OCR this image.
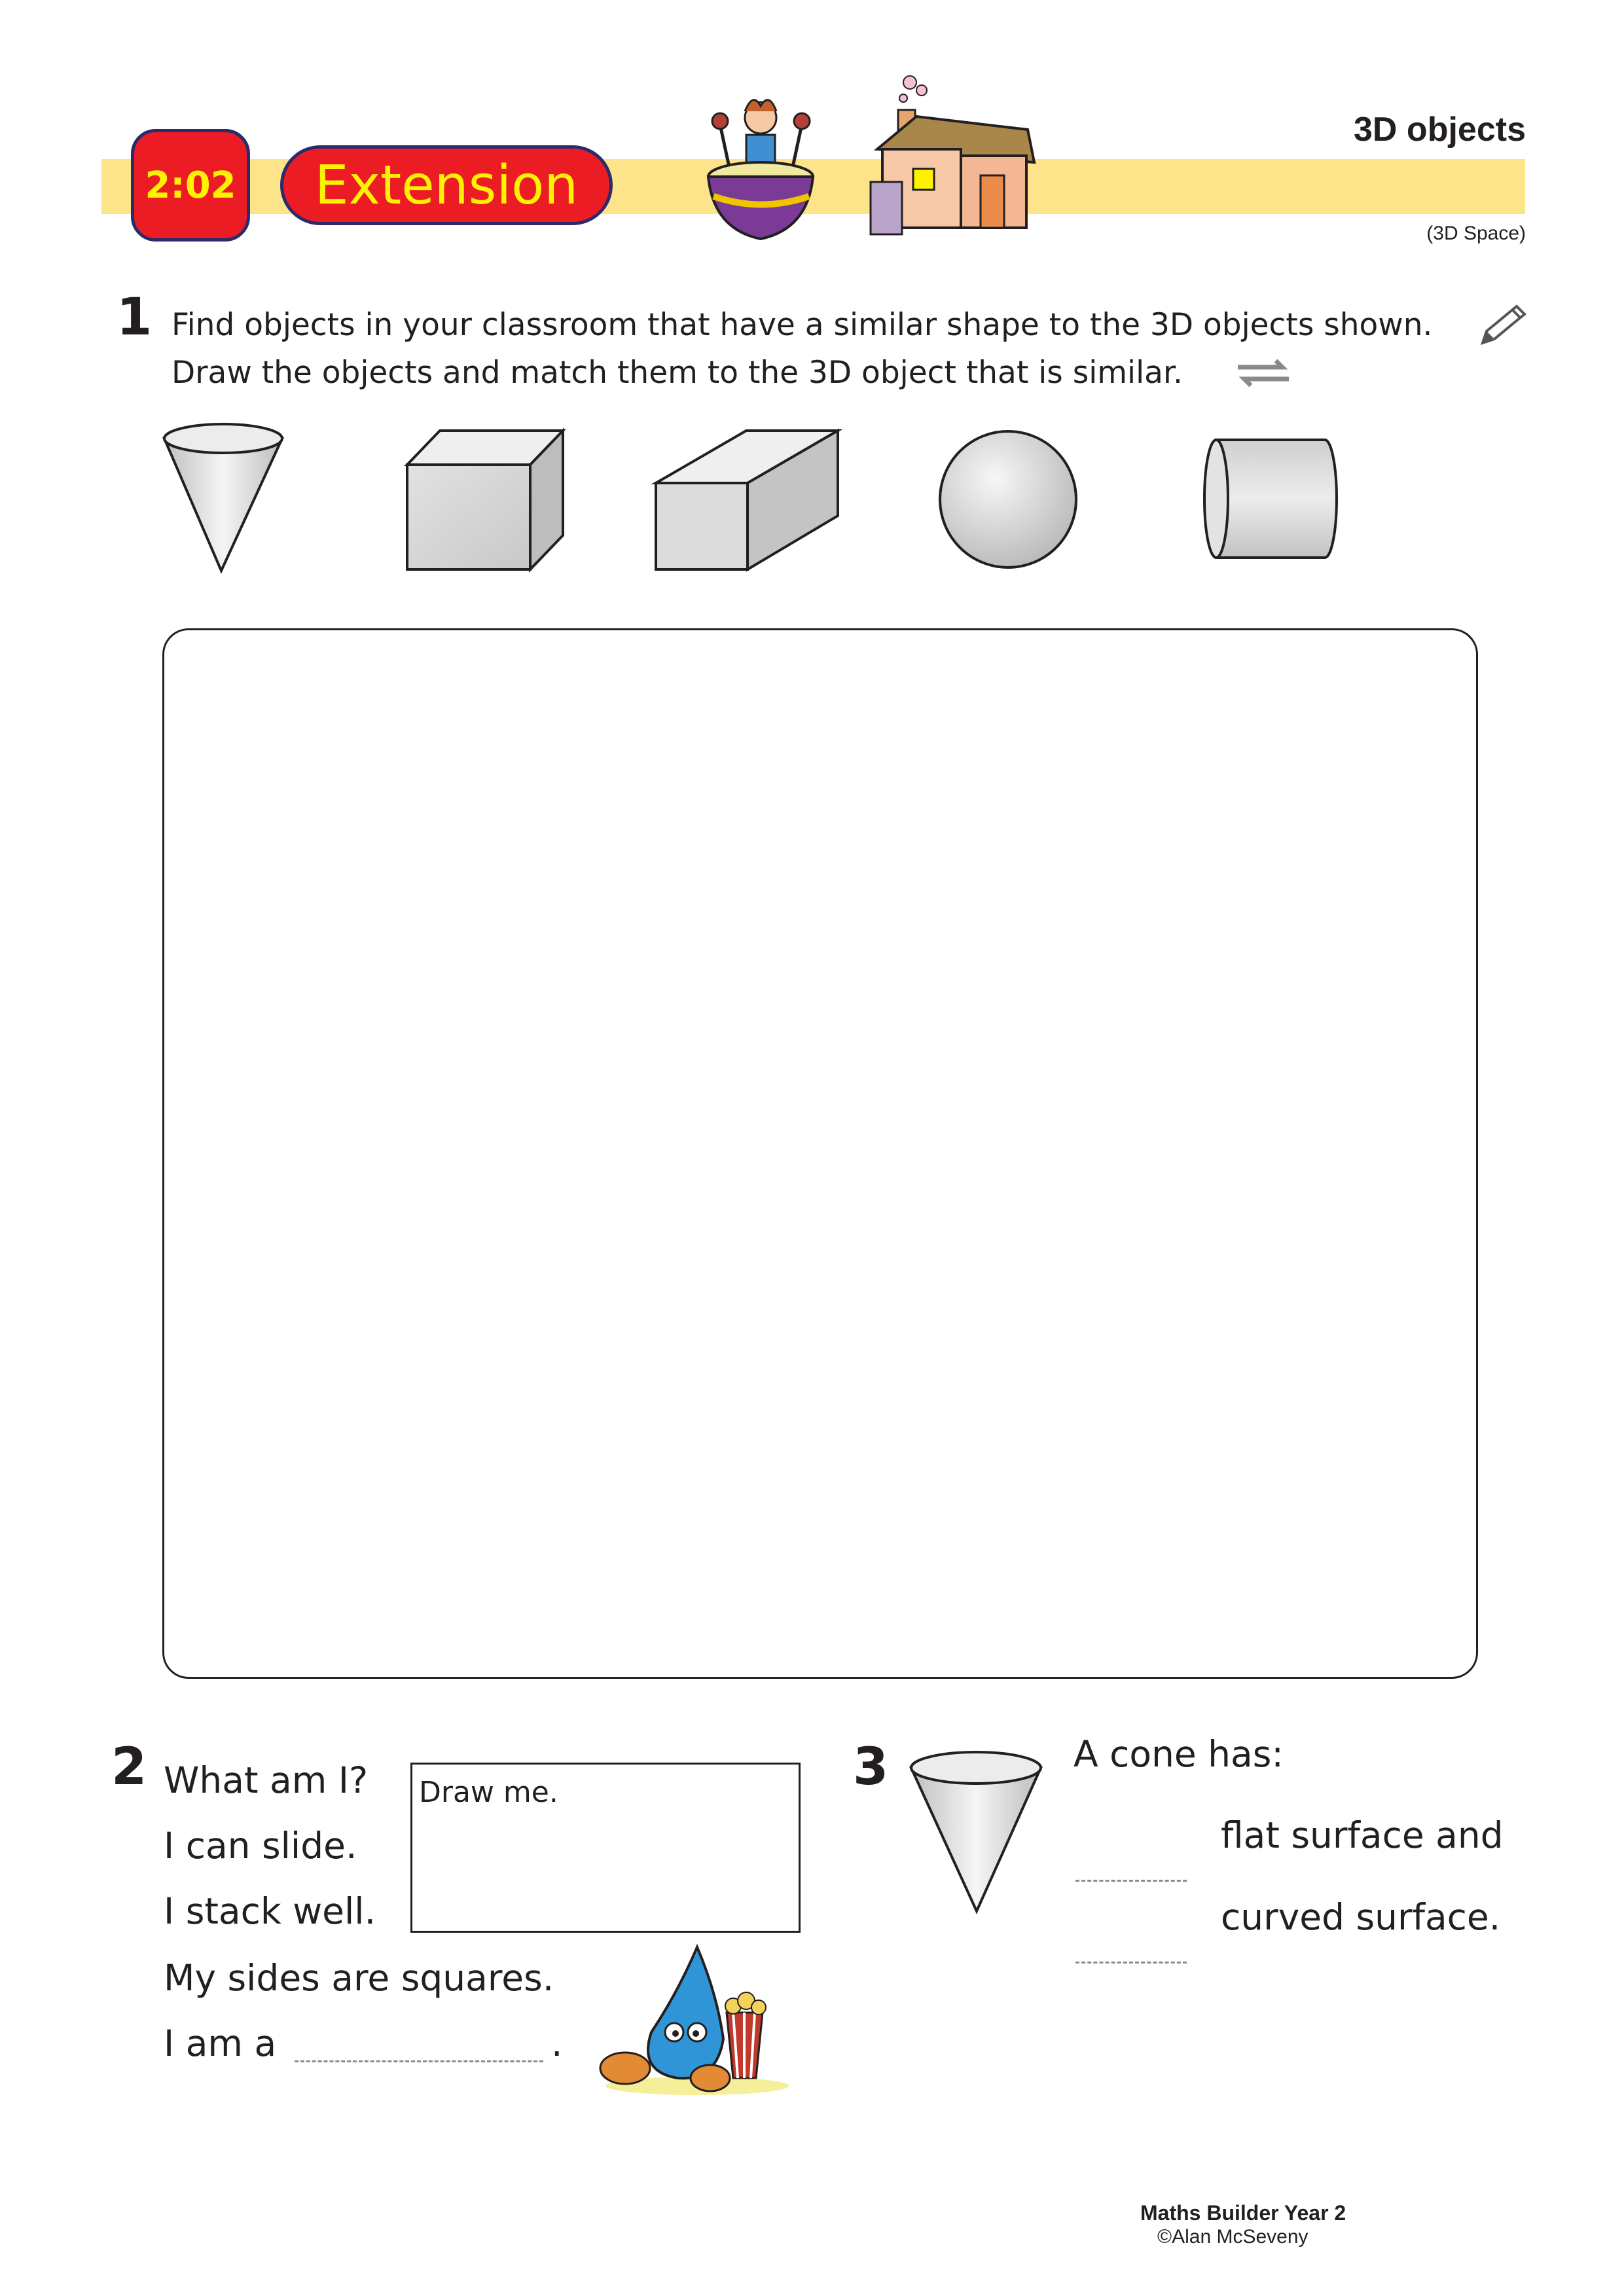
2:02 Extension
3D objects
(3D Space)
1 Find objects in your classroom that have a similar shape to the 3D objects shown.
Draw the objects and match them to the 3D object that is similar.
2 What am I?
I can slide.
I stack well.
My sides are squares.
I am a	.
Draw me.	3	A cone has:
flat surface and
curved surface.
Maths Builder Year 2
©Alan McSeveny
